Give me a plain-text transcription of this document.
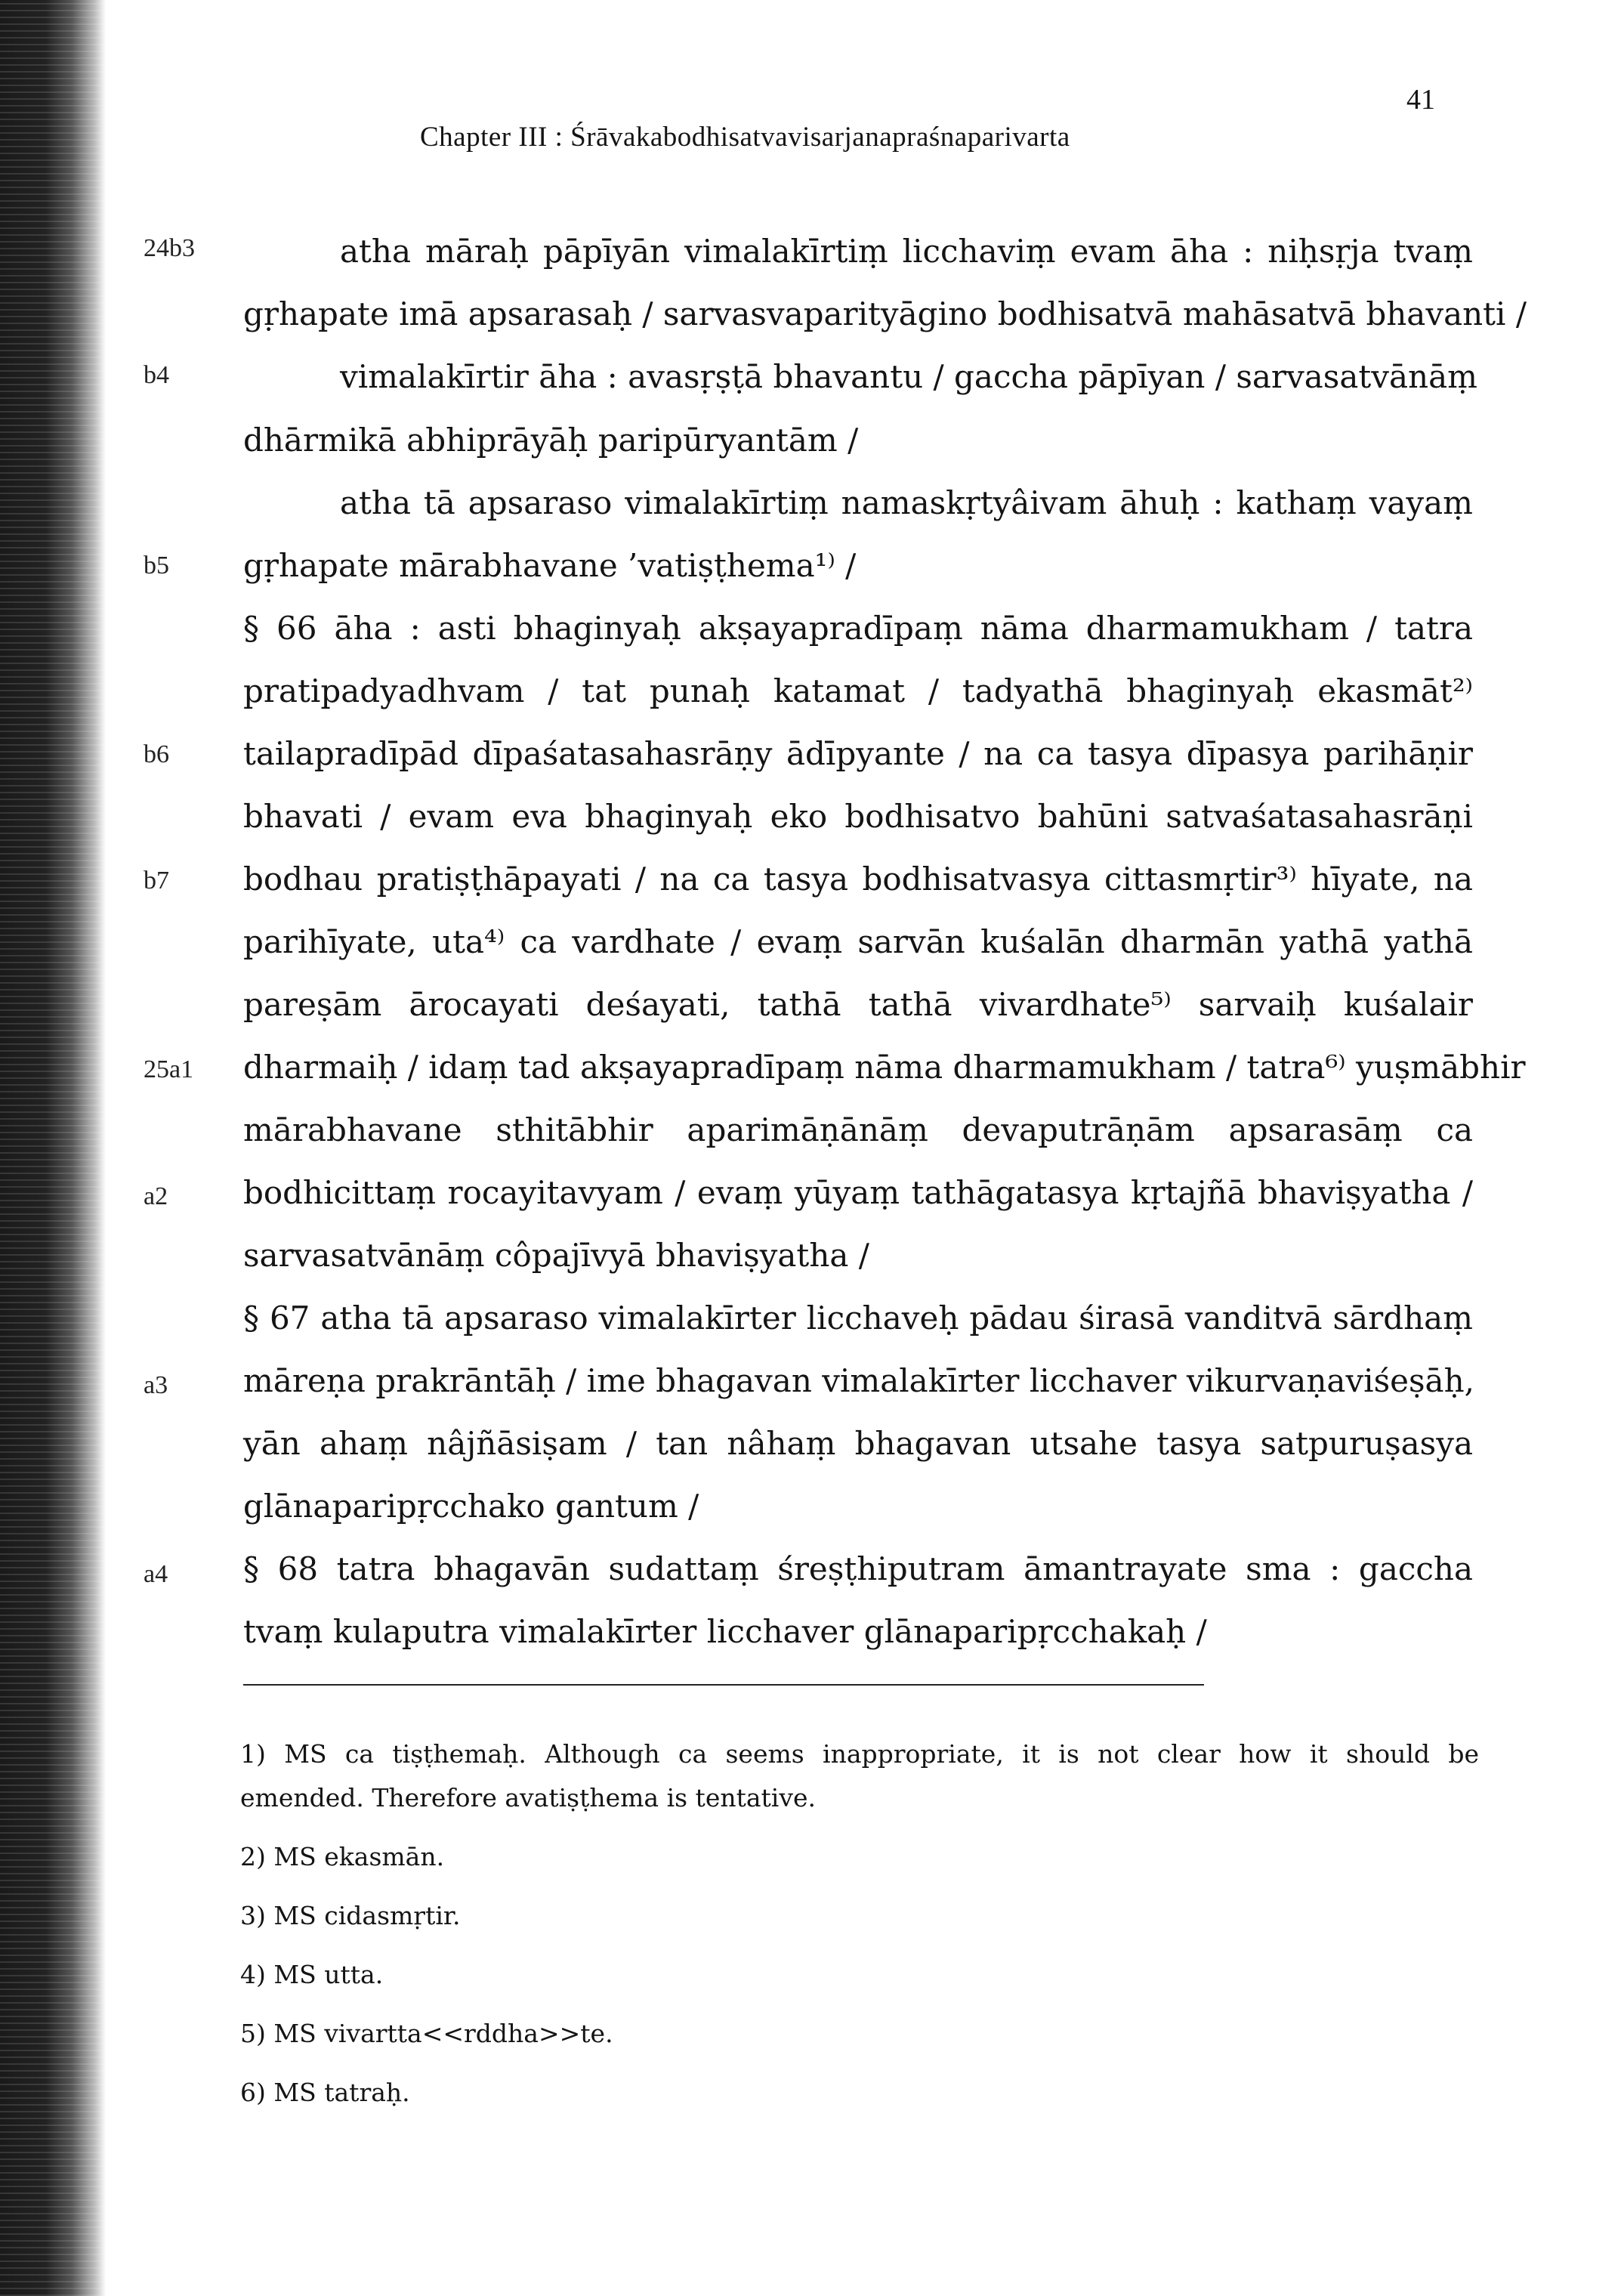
Chapter III : Śrāvakabodhisatvavisarjanapraśnaparivarta
41
24b3
b4
b5
b6
b7
25a1
a2
a3
a4
atha māraḥ pāpīyān vimalakīrtiṃ licchaviṃ evam āha : niḥsṛja tvaṃ
gṛhapate imā apsarasaḥ / sarvasvaparityāgino bodhisatvā mahāsatvā bhavanti /
vimalakīrtir āha : avasṛṣṭā bhavantu / gaccha pāpīyan / sarvasatvānāṃ
dhārmikā abhiprāyāḥ paripūryantām /
atha tā apsaraso vimalakīrtiṃ namaskṛtyâivam āhuḥ : kathaṃ vayaṃ
gṛhapate mārabhavane ’vatiṣṭhema¹⁾ /
§ 66 āha : asti bhaginyaḥ akṣayapradīpaṃ nāma dharmamukham / tatra
pratipadyadhvam / tat punaḥ katamat / tadyathā bhaginyaḥ ekasmāt²⁾
tailapradīpād dīpaśatasahasrāṇy ādīpyante / na ca tasya dīpasya parihāṇir
bhavati / evam eva bhaginyaḥ eko bodhisatvo bahūni satvaśatasahasrāṇi
bodhau pratiṣṭhāpayati / na ca tasya bodhisatvasya cittasmṛtir³⁾ hīyate, na
parihīyate, uta⁴⁾ ca vardhate / evaṃ sarvān kuśalān dharmān yathā yathā
pareṣām ārocayati deśayati, tathā tathā vivardhate⁵⁾ sarvaiḥ kuśalair
dharmaiḥ / idaṃ tad akṣayapradīpaṃ nāma dharmamukham / tatra⁶⁾ yuṣmābhir
mārabhavane sthitābhir aparimāṇānāṃ devaputrāṇām apsarasāṃ ca
bodhicittaṃ rocayitavyam / evaṃ yūyaṃ tathāgatasya kṛtajñā bhaviṣyatha /
sarvasatvānāṃ côpajīvyā bhaviṣyatha /
§ 67 atha tā apsaraso vimalakīrter licchaveḥ pādau śirasā vanditvā sārdhaṃ
māreṇa prakrāntāḥ / ime bhagavan vimalakīrter licchaver vikurvaṇaviśeṣāḥ,
yān ahaṃ nâjñāsiṣam / tan nâhaṃ bhagavan utsahe tasya satpuruṣasya
glānaparipṛcchako gantum /
§ 68 tatra bhagavān sudattaṃ śreṣṭhiputram āmantrayate sma : gaccha
tvaṃ kulaputra vimalakīrter licchaver glānaparipṛcchakaḥ /
1) MS ca tiṣṭhemaḥ. Although ca seems inappropriate, it is not clear how it should be
emended. Therefore avatiṣṭhema is tentative.
2) MS ekasmān.
3) MS cidasmṛtir.
4) MS utta.
5) MS vivartta<<rddha>>te.
6) MS tatraḥ.
